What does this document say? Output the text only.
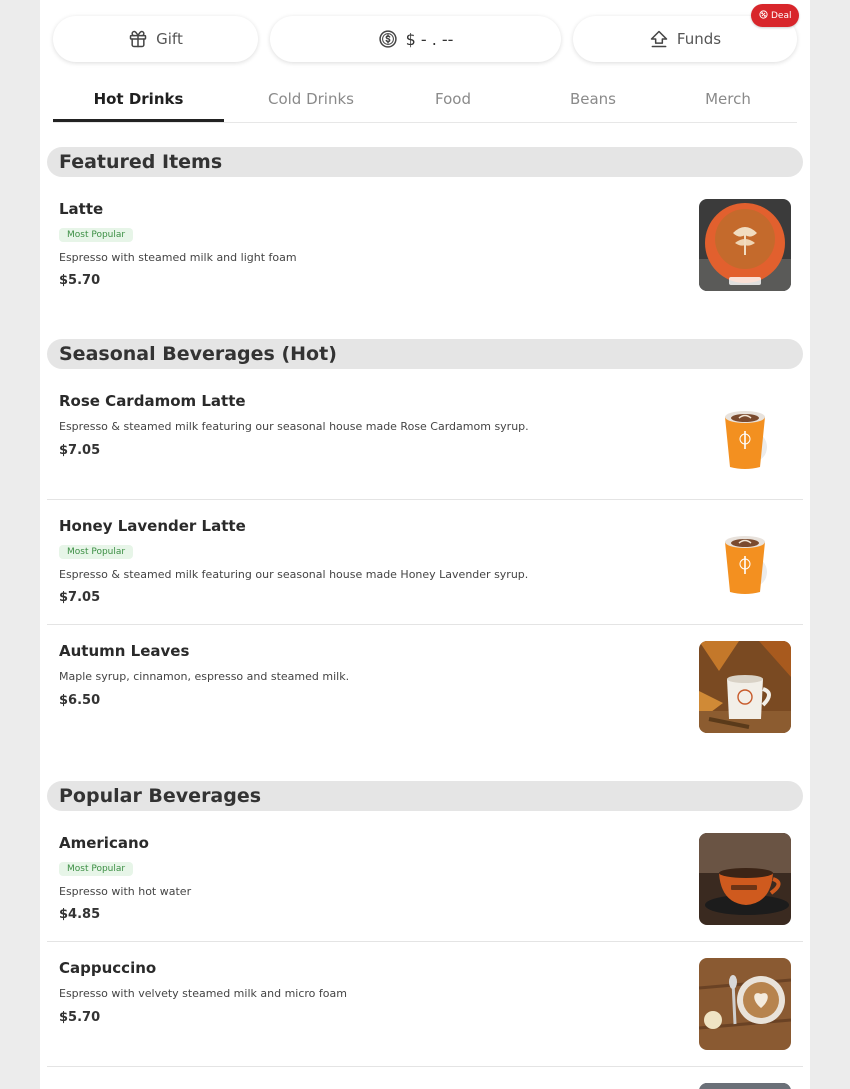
Gift	$ - . --	Funds
Deal
Hot Drinks	Cold Drinks	Food	Beans	Merch
Featured Items
Latte
Most Popular
Espresso with steamed milk and light foam
$5.70
Seasonal Beverages (Hot)
Rose Cardamom Latte
Espresso & steamed milk featuring our seasonal house made Rose Cardamom syrup.
$7.05
Honey Lavender Latte
Most Popular
Espresso & steamed milk featuring our seasonal house made Honey Lavender syrup.
$7.05
Autumn Leaves
Maple syrup, cinnamon, espresso and steamed milk.
$6.50
Popular Beverages
Americano
Most Popular
Espresso with hot water
$4.85
Cappuccino
Espresso with velvety steamed milk and micro foam
$5.70
